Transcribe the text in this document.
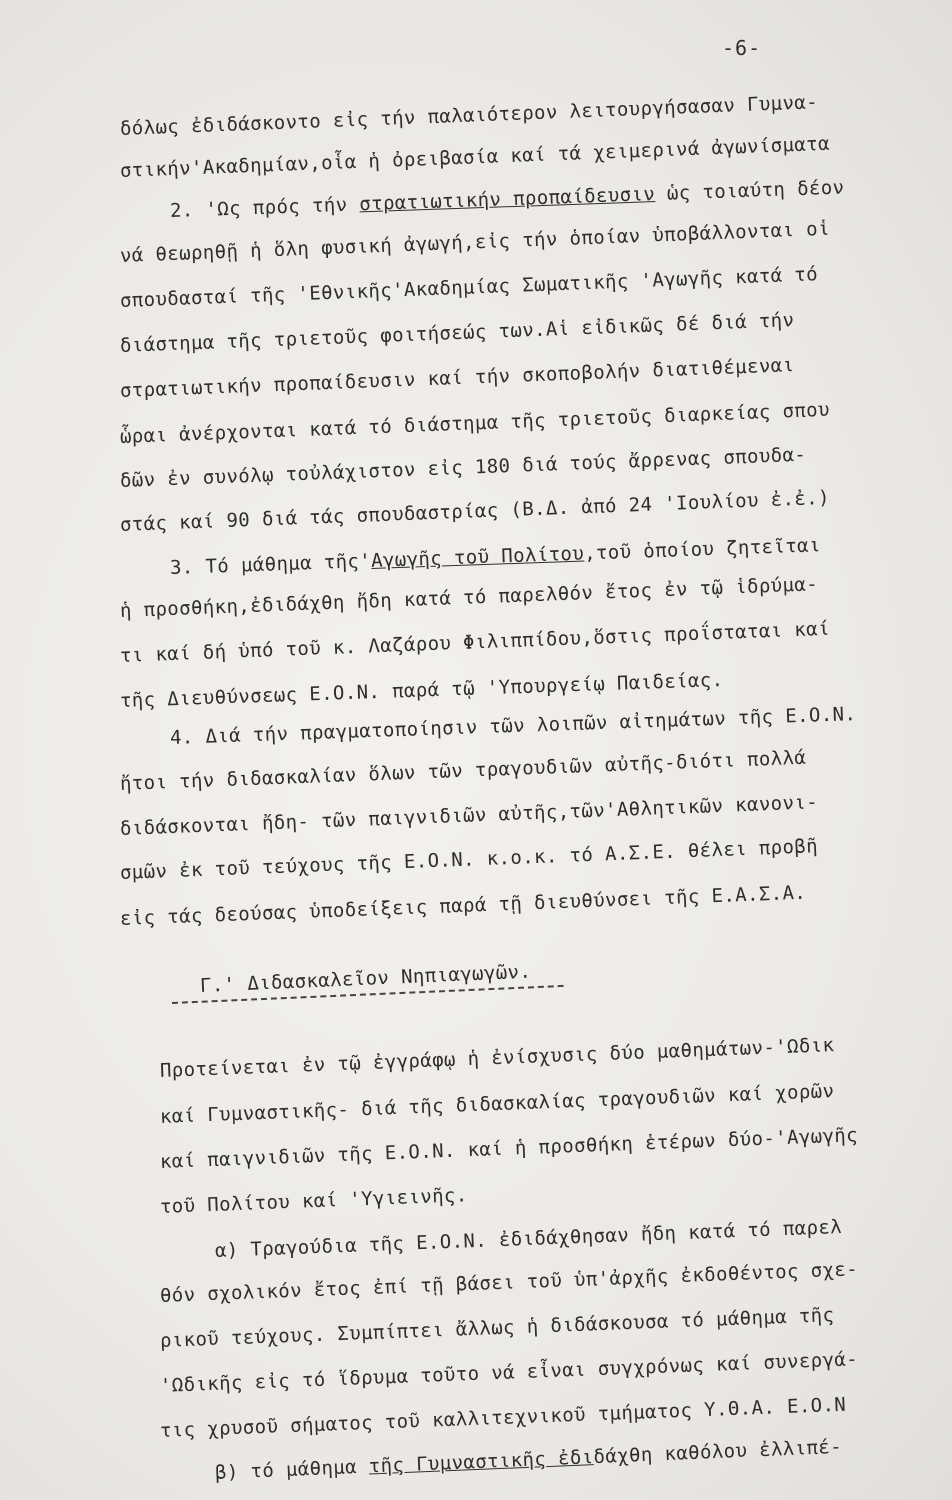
-6-
δόλως ἐδιδάσκοντο εἰς τήν παλαιότερον λειτουργήσασαν Γυμνα-
στικήν'Ακαδημίαν,οἷα ἡ ὀρειβασία καί τά χειμερινά ἀγωνίσματα
2. 'Ως πρός τήν στρατιωτικήν προπαίδευσιν ὡς τοιαύτη δέον
νά θεωρηθῇ ἡ ὅλη φυσική ἀγωγή,εἰς τήν ὁποίαν ὑποβάλλονται οἱ
σπουδασταί τῆς 'Εθνικῆς'Ακαδημίας Σωματικῆς 'Αγωγῆς κατά τό
διάστημα τῆς τριετοῦς φοιτήσεώς των.Αἱ εἰδικῶς δέ διά τήν
στρατιωτικήν προπαίδευσιν καί τήν σκοποβολήν διατιθέμεναι
ὧραι ἀνέρχονται κατά τό διάστημα τῆς τριετοῦς διαρκείας σπου
δῶν ἐν συνόλῳ τοὐλάχιστον εἰς 180 διά τούς ἄρρενας σπουδα-
στάς καί 90 διά τάς σπουδαστρίας (Β.Δ. ἀπό 24 'Ιουλίου ἐ.ἐ.)
3. Τό μάθημα τῆς'Αγωγῆς τοῦ Πολίτου,τοῦ ὁποίου ζητεῖται
ἡ προσθήκη,ἐδιδάχθη ἤδη κατά τό παρελθόν ἔτος ἐν τῷ ἱδρύμα-
τι καί δή ὑπό τοῦ κ. Λαζάρου Φιλιππίδου,ὅστις προΐσταται καί
τῆς Διευθύνσεως Ε.Ο.Ν. παρά τῷ 'Υπουργείῳ Παιδείας.
4. Διά τήν πραγματοποίησιν τῶν λοιπῶν αἰτημάτων τῆς Ε.Ο.Ν.
ἤτοι τήν διδασκαλίαν ὅλων τῶν τραγουδιῶν αὐτῆς-διότι πολλά
διδάσκονται ἤδη- τῶν παιγνιδιῶν αὐτῆς,τῶν'Αθλητικῶν κανονι-
σμῶν ἐκ τοῦ τεύχους τῆς Ε.Ο.Ν. κ.ο.κ. τό Α.Σ.Ε. θέλει προβῆ
εἰς τάς δεούσας ὑποδείξεις παρά τῇ διευθύνσει τῆς Ε.Α.Σ.Α.
Γ.' Διδασκαλεῖον Νηπιαγωγῶν.
Προτείνεται ἐν τῷ ἐγγράφῳ ἡ ἐνίσχυσις δύο μαθημάτων-'Ωδικ
καί Γυμναστικῆς- διά τῆς διδασκαλίας τραγουδιῶν καί χορῶν
καί παιγνιδιῶν τῆς Ε.Ο.Ν. καί ἡ προσθήκη ἑτέρων δύο-'Αγωγῆς
τοῦ Πολίτου καί 'Υγιεινῆς.
α) Τραγούδια τῆς Ε.Ο.Ν. ἐδιδάχθησαν ἤδη κατά τό παρελ
θόν σχολικόν ἔτος ἐπί τῇ βάσει τοῦ ὑπ'ἀρχῆς ἐκδοθέντος σχε-
ρικοῦ τεύχους. Συμπίπτει ἄλλως ἡ διδάσκουσα τό μάθημα τῆς
'Ωδικῆς εἰς τό ἵδρυμα τοῦτο νά εἶναι συγχρόνως καί συνεργά-
τις χρυσοῦ σήματος τοῦ καλλιτεχνικοῦ τμήματος Υ.Θ.Α. Ε.Ο.Ν
β) τό μάθημα τῆς Γυμναστικῆς ἐδιδάχθη καθόλου ἐλλιπέ-
